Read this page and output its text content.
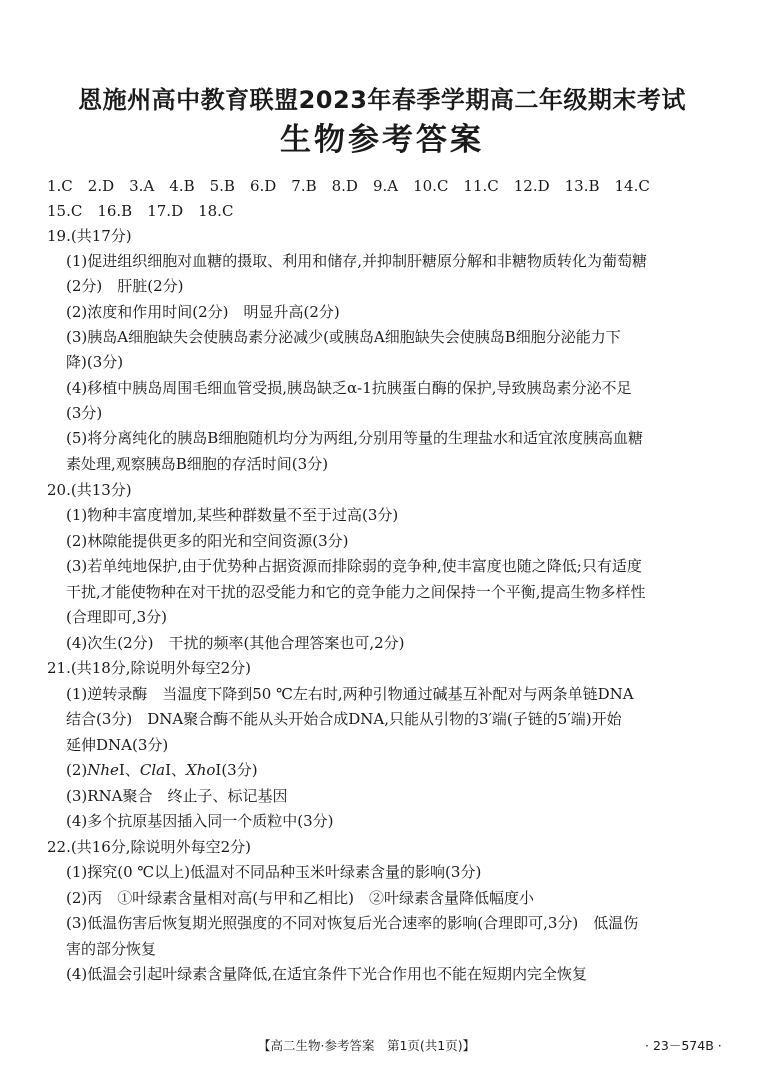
恩施州高中教育联盟2023年春季学期高二年级期末考试
生物参考答案
1.C　2.D　3.A　4.B　5.B　6.D　7.B　8.D　9.A　10.C　11.C　12.D　13.B　14.C
15.C　16.B　17.D　18.C
19.(共17分)
(1)促进组织细胞对血糖的摄取、利用和储存,并抑制肝糖原分解和非糖物质转化为葡萄糖
(2分)　肝脏(2分)
(2)浓度和作用时间(2分)　明显升高(2分)
(3)胰岛A细胞缺失会使胰岛素分泌减少(或胰岛A细胞缺失会使胰岛B细胞分泌能力下
降)(3分)
(4)移植中胰岛周围毛细血管受损,胰岛缺乏α-1抗胰蛋白酶的保护,导致胰岛素分泌不足
(3分)
(5)将分离纯化的胰岛B细胞随机均分为两组,分别用等量的生理盐水和适宜浓度胰高血糖
素处理,观察胰岛B细胞的存活时间(3分)
20.(共13分)
(1)物种丰富度增加,某些种群数量不至于过高(3分)
(2)林隙能提供更多的阳光和空间资源(3分)
(3)若单纯地保护,由于优势种占据资源而排除弱的竞争种,使丰富度也随之降低;只有适度
干扰,才能使物种在对干扰的忍受能力和它的竞争能力之间保持一个平衡,提高生物多样性
(合理即可,3分)
(4)次生(2分)　干扰的频率(其他合理答案也可,2分)
21.(共18分,除说明外每空2分)
(1)逆转录酶　当温度下降到50 ℃左右时,两种引物通过碱基互补配对与两条单链DNA
结合(3分)　DNA聚合酶不能从头开始合成DNA,只能从引物的3′端(子链的5′端)开始
延伸DNA(3分)
(2)NheⅠ、ClaⅠ、XhoⅠ(3分)
(3)RNA聚合　终止子、标记基因
(4)多个抗原基因插入同一个质粒中(3分)
22.(共16分,除说明外每空2分)
(1)探究(0 ℃以上)低温对不同品种玉米叶绿素含量的影响(3分)
(2)丙　①叶绿素含量相对高(与甲和乙相比)　②叶绿素含量降低幅度小
(3)低温伤害后恢复期光照强度的不同对恢复后光合速率的影响(合理即可,3分)　低温伤
害的部分恢复
(4)低温会引起叶绿素含量降低,在适宜条件下光合作用也不能在短期内完全恢复
【高二生物·参考答案　第1页(共1页)】	· 23－574B ·
